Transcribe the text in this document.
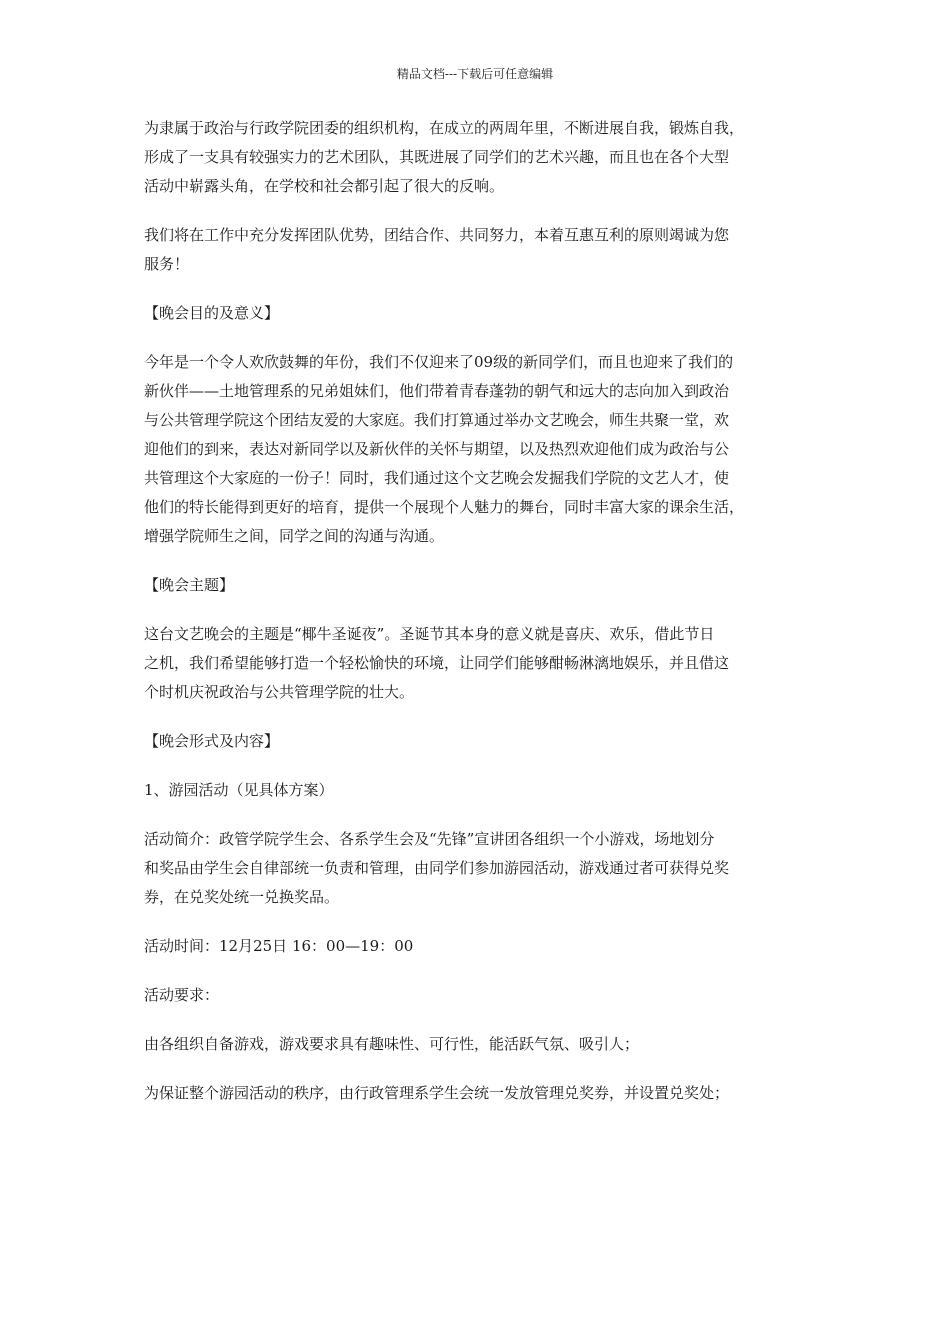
精品文档---下载后可任意编辑

为隶属于政治与行政学院团委的组织机构，在成立的两周年里，不断进展自我，锻炼自我，
形成了一支具有较强实力的艺术团队，其既进展了同学们的艺术兴趣，而且也在各个大型
活动中崭露头角，在学校和社会都引起了很大的反响。

我们将在工作中充分发挥团队优势，团结合作、共同努力，本着互惠互利的原则竭诚为您
服务！

【晚会目的及意义】

今年是一个令人欢欣鼓舞的年份，我们不仅迎来了09级的新同学们，而且也迎来了我们的
新伙伴——土地管理系的兄弟姐妹们，他们带着青春蓬勃的朝气和远大的志向加入到政治
与公共管理学院这个团结友爱的大家庭。我们打算通过举办文艺晚会，师生共聚一堂，欢
迎他们的到来，表达对新同学以及新伙伴的关怀与期望，以及热烈欢迎他们成为政治与公
共管理这个大家庭的一份子！同时，我们通过这个文艺晚会发掘我们学院的文艺人才，使
他们的特长能得到更好的培育，提供一个展现个人魅力的舞台，同时丰富大家的课余生活，
增强学院师生之间，同学之间的沟通与沟通。

【晚会主题】

这台文艺晚会的主题是“椰牛圣诞夜”。圣诞节其本身的意义就是喜庆、欢乐，借此节日
之机，我们希望能够打造一个轻松愉快的环境，让同学们能够酣畅淋漓地娱乐，并且借这
个时机庆祝政治与公共管理学院的壮大。

【晚会形式及内容】

1、游园活动（见具体方案）

活动简介：政管学院学生会、各系学生会及“先锋”宣讲团各组织一个小游戏，场地划分
和奖品由学生会自律部统一负责和管理，由同学们参加游园活动，游戏通过者可获得兑奖
券，在兑奖处统一兑换奖品。

活动时间：12月25日 16：00—19：00

活动要求：

由各组织自备游戏，游戏要求具有趣味性、可行性，能活跃气氛、吸引人；

为保证整个游园活动的秩序，由行政管理系学生会统一发放管理兑奖券，并设置兑奖处；
